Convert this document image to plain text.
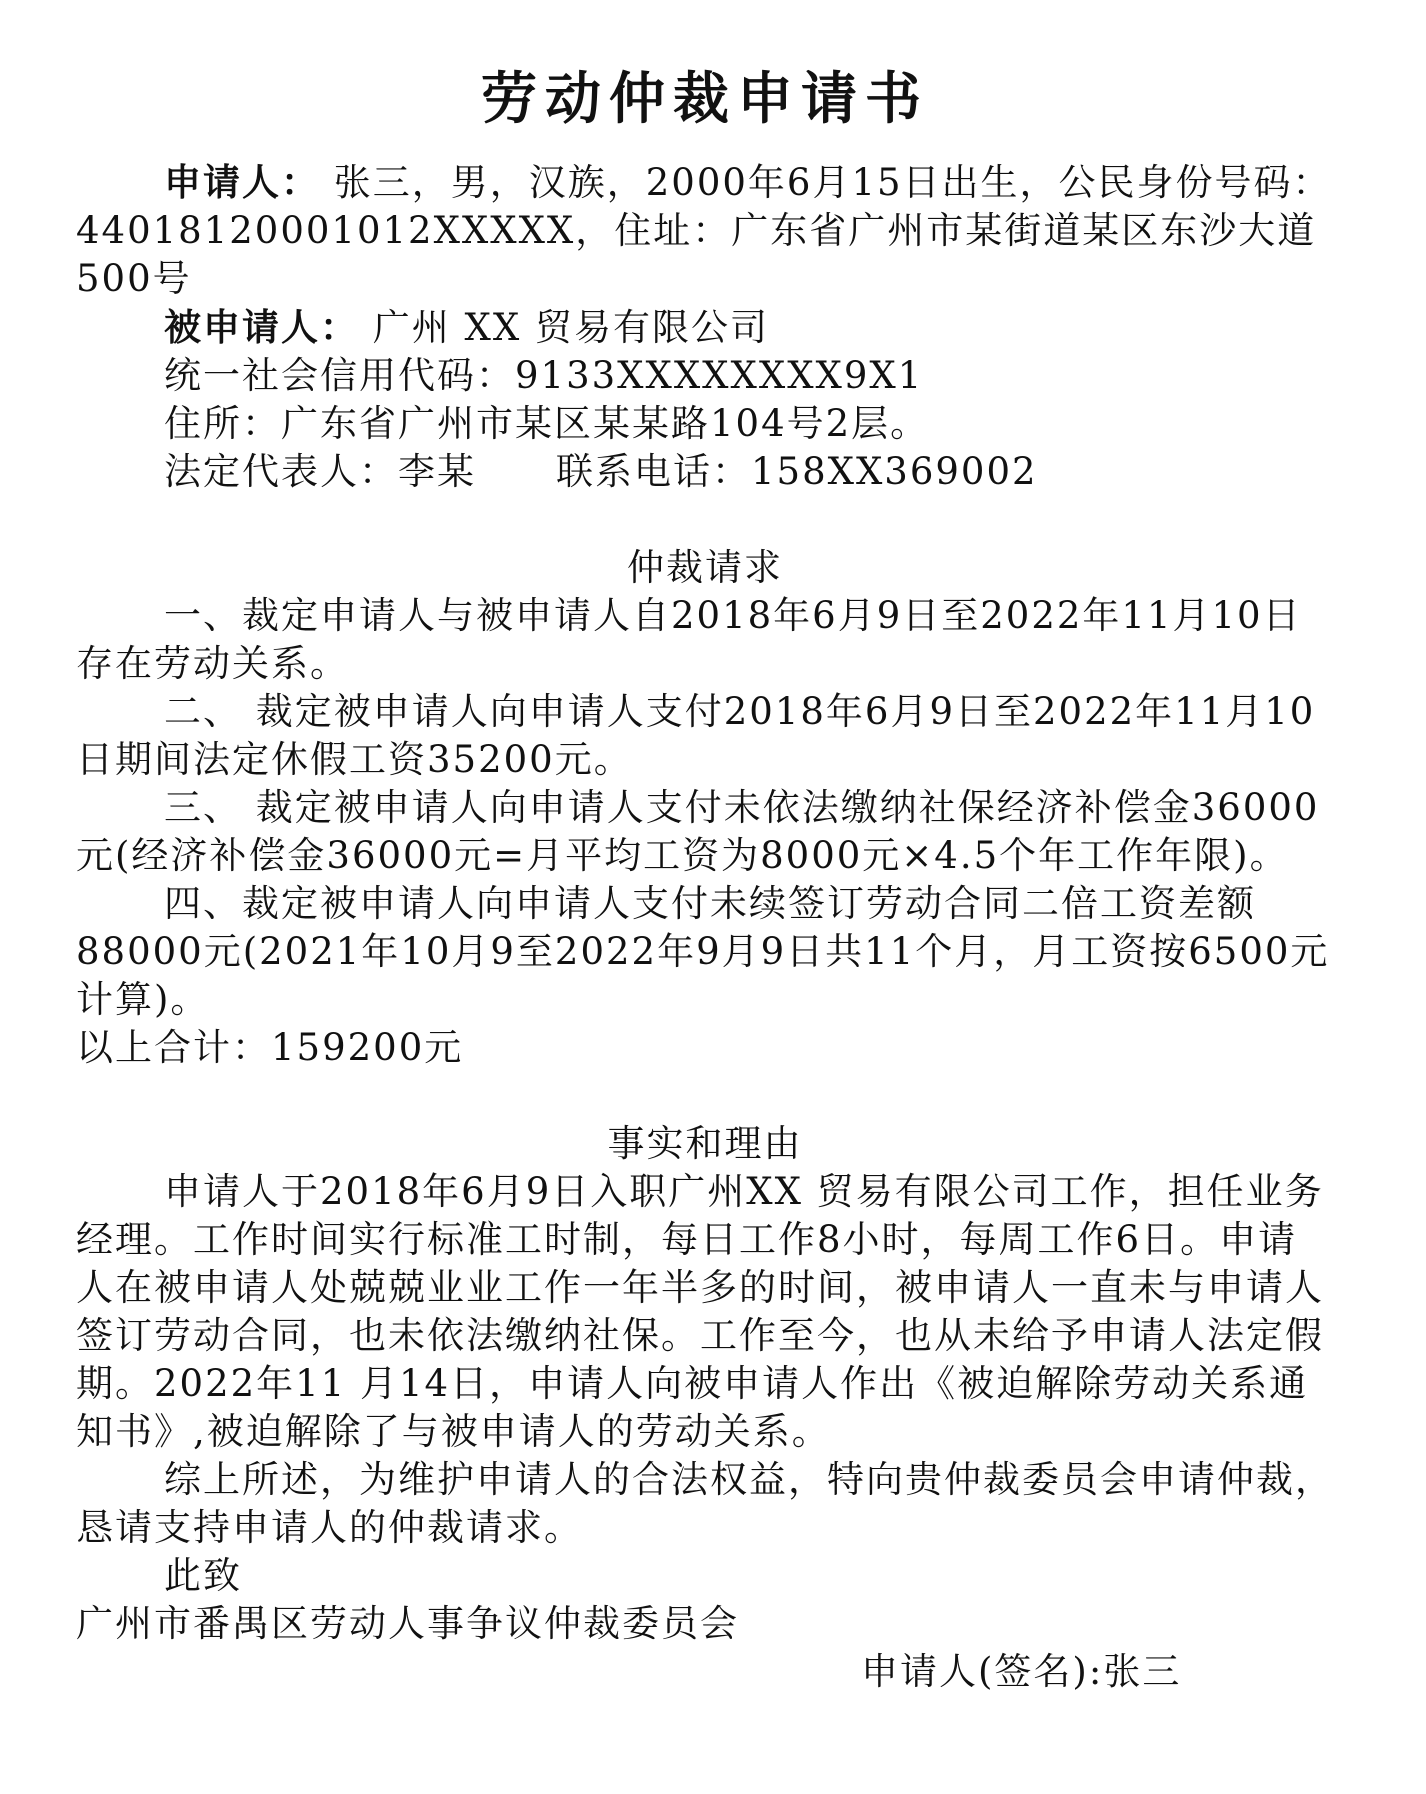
劳动仲裁申请书

申请人： 张三，男，汉族，2000年6月15日出生，公民身份号码：44018120001012XXXXX，住址：广东省广州市某街道某区东沙大道500号

被申请人： 广州 XX 贸易有限公司

统一社会信用代码：9133XXXXXXXX9X1

住所：广东省广州市某区某某路104号2层。

法定代表人：李某 联系电话：158XX369002

仲裁请求

一、裁定申请人与被申请人自2018年6月9日至2022年11月10日存在劳动关系。

二、 裁定被申请人向申请人支付2018年6月9日至2022年11月10日期间法定休假工资35200元。

三、 裁定被申请人向申请人支付未依法缴纳社保经济补偿金36000元(经济补偿金36000元=月平均工资为8000元×4.5个年工作年限)。

四、裁定被申请人向申请人支付未续签订劳动合同二倍工资差额88000元(2021年10月9至2022年9月9日共11个月，月工资按6500元计算)。

以上合计：159200元

事实和理由

申请人于2018年6月9日入职广州XX 贸易有限公司工作，担任业务经理。工作时间实行标准工时制，每日工作8小时，每周工作6日。申请人在被申请人处兢兢业业工作一年半多的时间，被申请人一直未与申请人签订劳动合同，也未依法缴纳社保。工作至今，也从未给予申请人法定假期。2022年11 月14日，申请人向被申请人作出《被迫解除劳动关系通知书》,被迫解除了与被申请人的劳动关系。

综上所述，为维护申请人的合法权益，特向贵仲裁委员会申请仲裁，恳请支持申请人的仲裁请求。

此致

广州市番禺区劳动人事争议仲裁委员会

申请人(签名):张三
